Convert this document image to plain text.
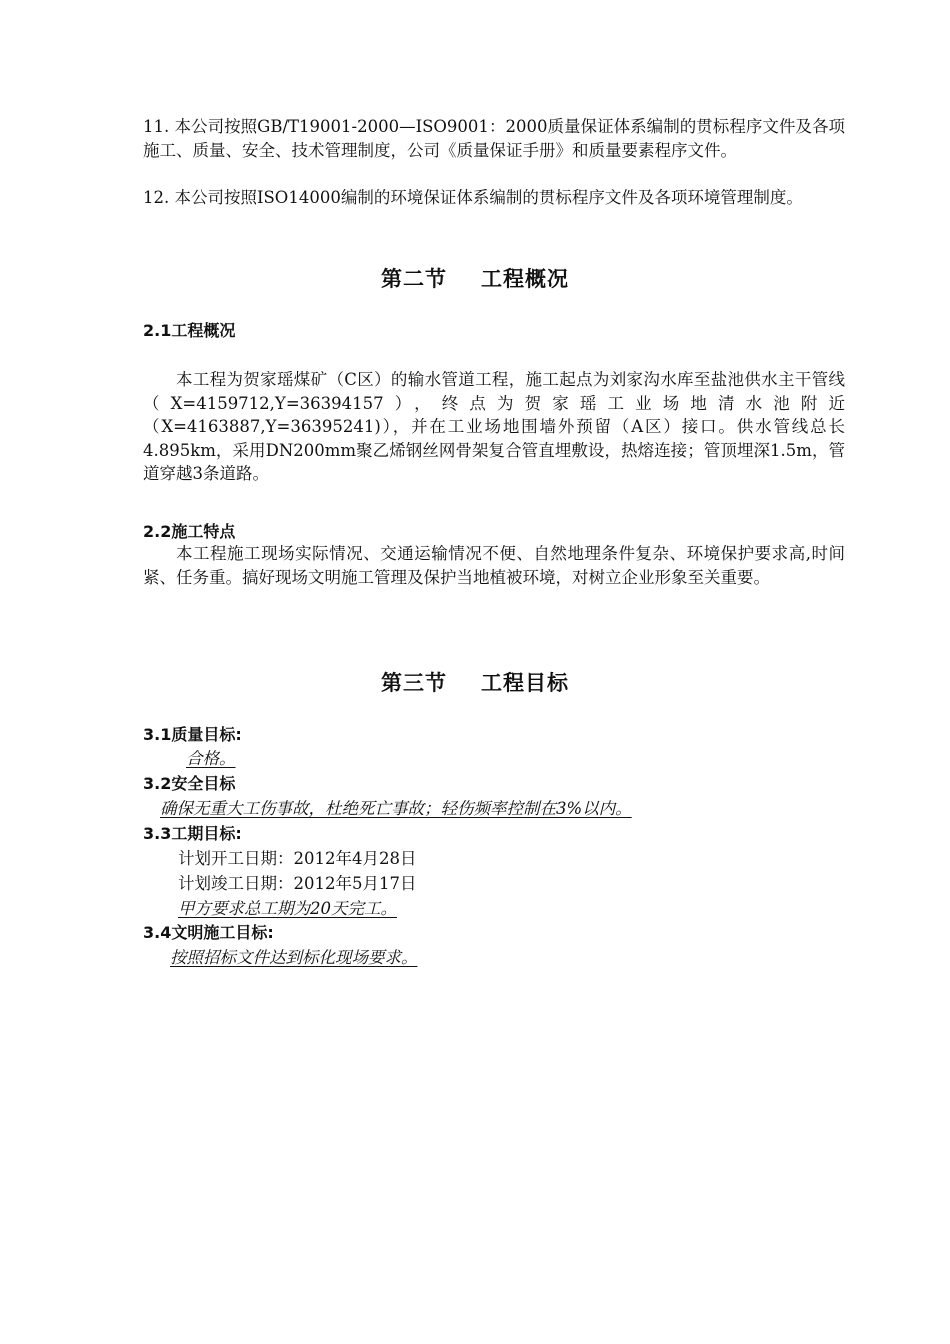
11. 本公司按照GB/T19001-2000—ISO9001：2000质量保证体系编制的贯标程序文件及各项施工、质量、安全、技术管理制度，公司《质量保证手册》和质量要素程序文件。

12. 本公司按照ISO14000编制的环境保证体系编制的贯标程序文件及各项环境管理制度。

第二节 工程概况
2.1工程概况

本工程为贺家瑶煤矿（C区）的输水管道工程，施工起点为刘家沟水库至盐池供水主干管线（X=4159712,Y=36394157），终点为贺家瑶工业场地清水池附近（X=4163887,Y=36395241)），并在工业场地围墙外预留（A区）接口。供水管线总长4.895km，采用DN200mm聚乙烯钢丝网骨架复合管直埋敷设，热熔连接；管顶埋深1.5m，管道穿越3条道路。

2.2施工特点

本工程施工现场实际情况、交通运输情况不便、自然地理条件复杂、环境保护要求高,时间紧、任务重。搞好现场文明施工管理及保护当地植被环境，对树立企业形象至关重要。

第三节 工程目标
3.1质量目标:

合格。

3.2安全目标

确保无重大工伤事故，杜绝死亡事故；轻伤频率控制在3%以内。

3.3工期目标:

计划开工日期：2012年4月28日

计划竣工日期：2012年5月17日

甲方要求总工期为20天完工。

3.4文明施工目标:

按照招标文件达到标化现场要求。
